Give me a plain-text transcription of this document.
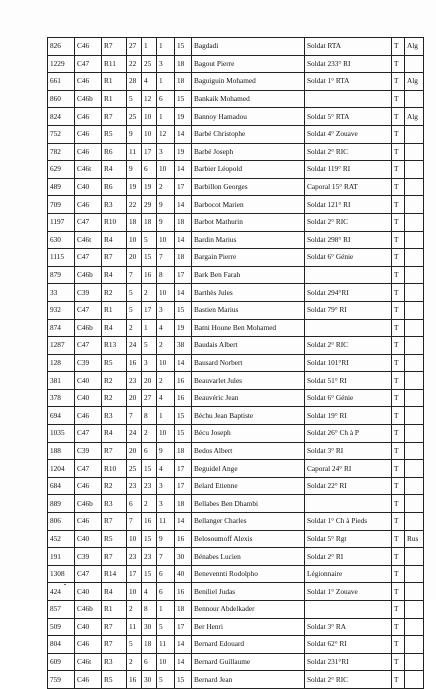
826	C46	R7	27	1	1	15	Bagdadi	Soldat RTA	T	Alg
1229	C47	R11	22	25	3	18	Bagout Pierre	Soldat 233° RI	T	
661	C46	R1	28	4	1	18	Baguiguin Mohamed	Soldat 1° RTA	T	Alg
860	C46b	R1	5	12	6	15	Bankaik Mohamed		T	
824	C46	R7	25	10	1	19	Bannoy Hamadou	Soldat 5° RTA	T	Alg
752	C46	R5	9	10	12	14	Barbé Christophe	Soldat 4° Zouave	T	
782	C46	R6	11	17	3	19	Barbé Joseph	Soldat 2° RIC	T	
629	C46t	R4	9	6	10	14	Barbier Léopold	Soldat 119° RI	T	
489	C40	R6	19	19	2	17	Barbillon Georges	Caporal 15° RAT	T	
709	C46	R3	22	29	9	14	Barbocot Marien	Soldat 121° RI	T	
1197	C47	R10	18	18	9	18	Barbot Mathurin	Soldat 2° RIC	T	
630	C46t	R4	10	5	10	14	Bardin Marius	Soldat 298° RI	T	
1115	C47	R7	20	15	7	18	Bargain Pierre	Soldat 6° Génie	T	
879	C46b	R4	7	16	8	17	Bark Ben Farah		T	
33	C39	R2	5	2	10	14	Barthès Jules	Soldat 294°RI	T	
932	C47	R1	5	17	3	15	Bastien Marius	Soldat 79° RI	T	
874	C46b	R4	2	1	4	19	Batni Houne Ben Mohamed		T	
1287	C47	R13	24	5	2	38	Baudais Albert	Soldat 2° RIC	T	
128	C39	R5	16	3	10	14	Bausard Norbert	Soldat 101°RI	T	
381	C40	R2	23	20	2	16	Beauvarlet Jules	Soldat 51° RI	T	
378	C40	R2	20	27	4	16	Beauvéric Jean	Soldat 6° Génie	T	
694	C46	R3	7	8	1	15	Béchu Jean Baptiste	Soldat 19° RI	T	
1035	C47	R4	24	2	10	15	Bécu Joseph	Soldat 26° Ch à P	T	
188	C39	R7	20	6	9	18	Bedos Albert	Soldat 3° RI	T	
1204	C47	R10	25	15	4	17	Beguidel Ange	Caporal 24° RI	T	
684	C46	R2	23	23	3	17	Belard Etienne	Soldat 22° RI	T	
889	C46b	R3	6	2	3	18	Bellabes Ben Dhambi		T	
806	C46	R7	7	16	11	14	Bellanger Charles	Soldat 1° Ch à Pieds	T	
452	C40	R5	10	15	9	16	Belosoumoff Alexis	Soldat 5° Rgt	T	Rus
191	C39	R7	23	23	7	30	Bénabes Lucien	Soldat 2° RI	T	
1308	C47	R14	17	15	6	40	Benevennti Rodolpho	Légionnaire	T	
424	C40	R4	10	4	6	16	Beniliel Judas	Soldat 1° Zouave	T	
857	C46b	R1	2	8	1	18	Bennour Abdelkader		T	
509	C40	R7	11	30	5	17	Ber Henri	Soldat 3° RA	T	
804	C46	R7	5	18	11	14	Bernard Edouard	Soldat 62° RI	T	
609	C46t	R3	2	6	10	14	Bernard Guillaume	Soldat 231°RI	T	
759	C46	R5	16	30	5	15	Bernard Jean	Soldat 2° RIC	T	
